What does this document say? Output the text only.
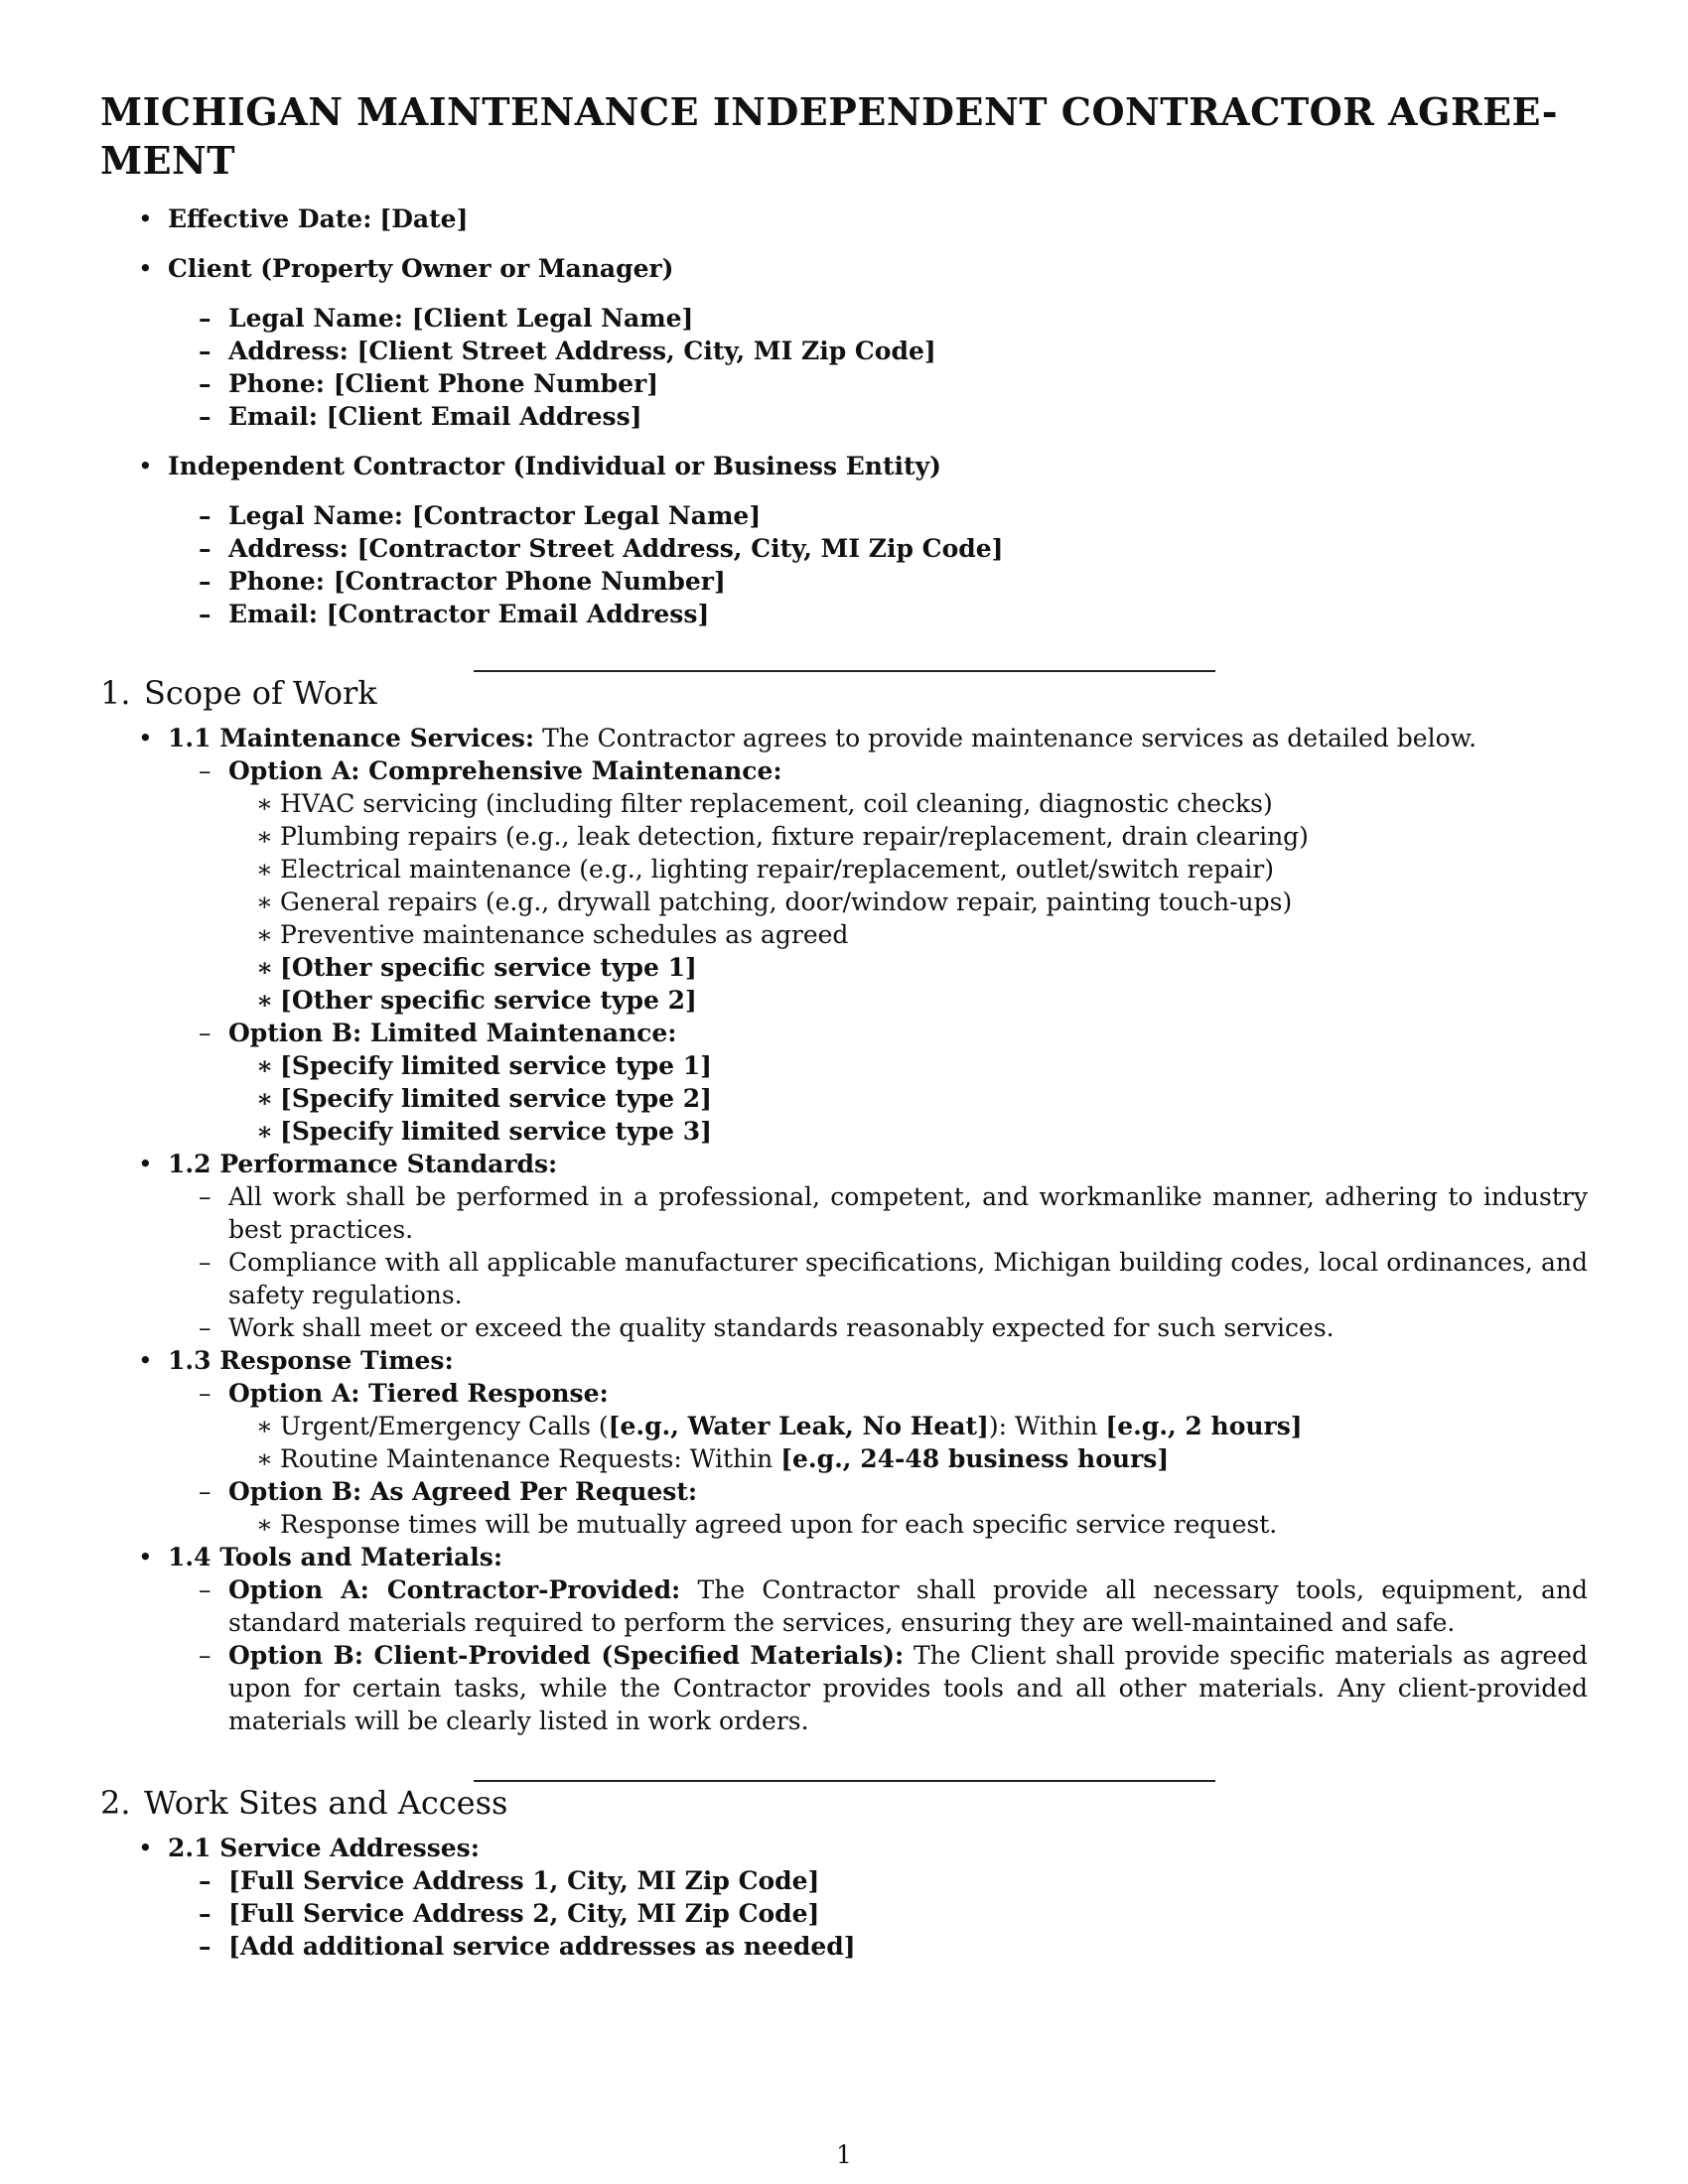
MICHIGAN MAINTENANCE INDEPENDENT CONTRACTOR AGREE-MENT
• Effective Date: [Date]
• Client (Property Owner or Manager)
– Legal Name: [Client Legal Name]
– Address: [Client Street Address, City, MI Zip Code]
– Phone: [Client Phone Number]
– Email: [Client Email Address]
• Independent Contractor (Individual or Business Entity)
– Legal Name: [Contractor Legal Name]
– Address: [Contractor Street Address, City, MI Zip Code]
– Phone: [Contractor Phone Number]
– Email: [Contractor Email Address]
1. Scope of Work
• 1.1 Maintenance Services: The Contractor agrees to provide maintenance services as detailed below.
– Option A: Comprehensive Maintenance:
∗ HVAC servicing (including filter replacement, coil cleaning, diagnostic checks)
∗ Plumbing repairs (e.g., leak detection, fixture repair/replacement, drain clearing)
∗ Electrical maintenance (e.g., lighting repair/replacement, outlet/switch repair)
∗ General repairs (e.g., drywall patching, door/window repair, painting touch-ups)
∗ Preventive maintenance schedules as agreed
∗ [Other specific service type 1]
∗ [Other specific service type 2]
– Option B: Limited Maintenance:
∗ [Specify limited service type 1]
∗ [Specify limited service type 2]
∗ [Specify limited service type 3]
• 1.2 Performance Standards:
– All work shall be performed in a professional, competent, and workmanlike manner, adhering to industry best practices.
– Compliance with all applicable manufacturer specifications, Michigan building codes, local ordinances, and safety regulations.
– Work shall meet or exceed the quality standards reasonably expected for such services.
• 1.3 Response Times:
– Option A: Tiered Response:
∗ Urgent/Emergency Calls ([e.g., Water Leak, No Heat]): Within [e.g., 2 hours]
∗ Routine Maintenance Requests: Within [e.g., 24-48 business hours]
– Option B: As Agreed Per Request:
∗ Response times will be mutually agreed upon for each specific service request.
• 1.4 Tools and Materials:
– Option A: Contractor-Provided: The Contractor shall provide all necessary tools, equipment, and standard materials required to perform the services, ensuring they are well-maintained and safe.
– Option B: Client-Provided (Specified Materials): The Client shall provide specific materials as agreed upon for certain tasks, while the Contractor provides tools and all other materials. Any client-provided materials will be clearly listed in work orders.
2. Work Sites and Access
• 2.1 Service Addresses:
– [Full Service Address 1, City, MI Zip Code]
– [Full Service Address 2, City, MI Zip Code]
– [Add additional service addresses as needed]
1
